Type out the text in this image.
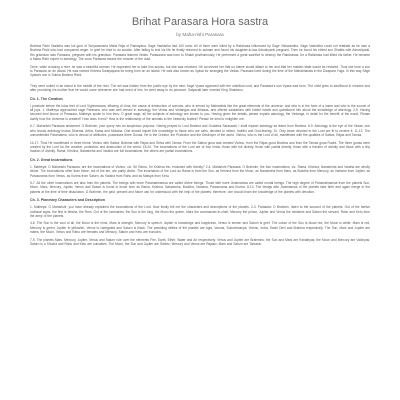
Brihat Parasara Hora sastra
by Maha-rishi Parasara

Brahma Rishi Vasistha was kul guru of Suryavamsha Maha Raja of Ramayana. Sage Vashistha had 100 sons. All of them were killed by a Rakshasa influenced by Sage Vishwamitra. Sage Vashistha could not retaliate as he was a Brahma Rishi who had conquered anger. In grief he tried to do suicide. After failing to end his life he finally returned to ashram and found his daughter-in-law Adrushyanti pregnant. Then he found his eldest son Shaktis wife Adrushyanti. His grandson was Parasara, pregnant with his grandson. Parasara learned Vedas. Parasarara was born to Shakti posthumously. He performed a great sacrifice to destroy the Rakshasas, for a Rakshasa had killed his father. He became a Maha Rishi expert in astrology. The word Parasara means the crusher of the dust.

Once, while crossing a river, he saw a beautiful woman. He requested her to take him across, but she was reluctant. He convinced her that no blame would attach to her and that her maiden state would be restored. Thus she bore a son to Parasara on an island. He was named Krishna Dwaipayana for being born on an island. He was also known as Vyasa for arranging the Vedas. Parasara lived during the time of the Mahabharata in the Dwapara Yuga. In this way Sage Vyasa's son is Sukha Brahma Rishi.

They were united in an island in the middle of the river. The act was hidden from the public eye by the mist. Sage Vyasa appeared with the umbilical cord, and Parasara's son Vyasa was born. The child grew to adulthood in minutes and after promising his mother that he would come whenever she had need of him, he went away to do penance. Satyavati later married King Shantanu.

Ch. 1. The Creation

I prostrate before the lotus feet of Lord Vighneswara, effacing of Uma, the cause of destruction of sorrows, who is served by Maharishis like the great elements of the universe, and who is in the form of a lustre and who is the source of all joys. 1. Maitreya approached sage Parasara, who was well versed in astrology, the Vedas and Vedangas and Itihasas, and offered salutations with folded hands and questioned him about the knowledge of astrology. 2-5. Having secured kind favour of Parasara, Maitreya spoke to him thus: O great sage, all the subjects of astrology are known to you. Having given the details, please explain astrology, the Vedanga, in detail for the benefit of the world. Please clarify how the Universe is created? How does it end? How is the relationship of the animals to the heavenly bodies? Please be kind to enlighten me.

6-7. Maharishi Parasara answered: O Brahmin, your query has an auspicious purpose. Having prayed to Lord Brahma and Goddess Saraswati, I shall explain astrology as learnt from Brahma. 8-9. Astrology is the eye of the Vedas; one who knows astrology knows Dharma, Artha, Kama and Moksha. One should impart this knowledge to those who are calm, devoted to elders, truthful and God-fearing. 10. Only those devoted to the Lord are fit to receive it. 11-13. The unmanifested Paramatma, who is devoid of attributes, possesses three Gunas. He is the Creator, the Protector and the Destroyer of the world. Vishnu, who is the Lord of all, manifested with the qualities of Sattva, Rajas and Tamas.

14-17. Thus He manifested in three forms: Vishnu with Sattva, Brahma with Rajas and Shiva with Tamas. From the Sattva guna was created Vishnu, from the Rajas guna Brahma and from the Tamas guna Rudra. The three gunas were created by the Lord for the creation, protection and destruction of the world. 18-20. The incarnations of the Lord are of four kinds: those with full divinity, those with partial divinity, those with a fraction of divinity and those with a tiny fraction of divinity. Rama, Krishna, Narasimha and Varaha are full incarnations; the others are partial incarnations.

Ch. 2. Great Incarnations

1. Maitreya: O Maharishi Parasara, are the incarnations of Vishnu, viz. Sri Rama, Sri Krishna etc. endowed with divinity? 2-4. Maharishi Parasara: O Brahmin, the four incarnations, viz. Rama, Krishna, Narasimha and Varaha are wholly divine. The incarnations other than these, out of the ten, are partly divine. The incarnation of the Lord as Rama is from the Sun, as Krishna from the Moon, as Narasimha from Mars, as Buddha from Mercury, as Vamana from Jupiter, as Parasurama from Venus, as Kurma from Saturn, as Varaha from Rahu and as Matsya from Ketu.

5-7. All the other incarnations are also from the planets. The beings with more Paramatmamsa are called divine beings. Those with more Jivatmamsa are called mortal beings. The high degree of Paramatmamsa from the planets Sun, Moon, Mars, Mercury, Jupiter, Venus and Saturn is found in those born as Rama, Krishna, Narasimha, Buddha, Vamana, Parasurama and Kurma. 8-10. The beings with Jivatmamsa of the planets take birth and again merge in the planets at the time of their dissolution. O Brahmin, the past, present and future can be understood with the help of the planets; therefore, one should learn the knowledge of the planets with devotion.

Ch. 3. Planetary Characters and Description

1. Maitreya: O Maharishi, you have already explained the incarnations of the Lord. Now kindly tell me the characters and descriptions of the planets. 2-3. Parasara: O Brahmin, listen to the account of the planets. Out of the twelve zodiacal signs, the first is Mesha, the Ram. Out of the luminaries, the Sun is the king, the Moon the queen, Mars the commander-in-chief, Mercury the prince, Jupiter and Venus the ministers and Saturn the servant. Rahu and Ketu form the army of the planets.

4-6. The Sun is the soul of all, the Moon is the mind, Mars is strength, Mercury is speech, Jupiter is knowledge and happiness, Venus is semen and Saturn is grief. The colour of the Sun is blood red, the Moon is white, Mars is red, Mercury is green, Jupiter is yellowish, Venus is variegated and Saturn is black. The presiding deities of the planets are Agni, Varuna, Subrahmanya, Vishnu, Indra, Sachi Devi and Brahma respectively. The Sun, Mars and Jupiter are males, the Moon, Venus and Rahu are females and Mercury, Saturn and Ketu are eunuchs.

7-9. The planets Mars, Mercury, Jupiter, Venus and Saturn rule over the elements Fire, Earth, Ether, Water and Air respectively. Venus and Jupiter are Brahmins; the Sun and Mars are Kshatriyas; the Moon and Mercury are Vaishyas; Saturn is a Shudra and Rahu and Ketu are outcastes. The Moon, the Sun and Jupiter are Sattvic; Mercury and Venus are Rajasic; Mars and Saturn are Tamasic.
